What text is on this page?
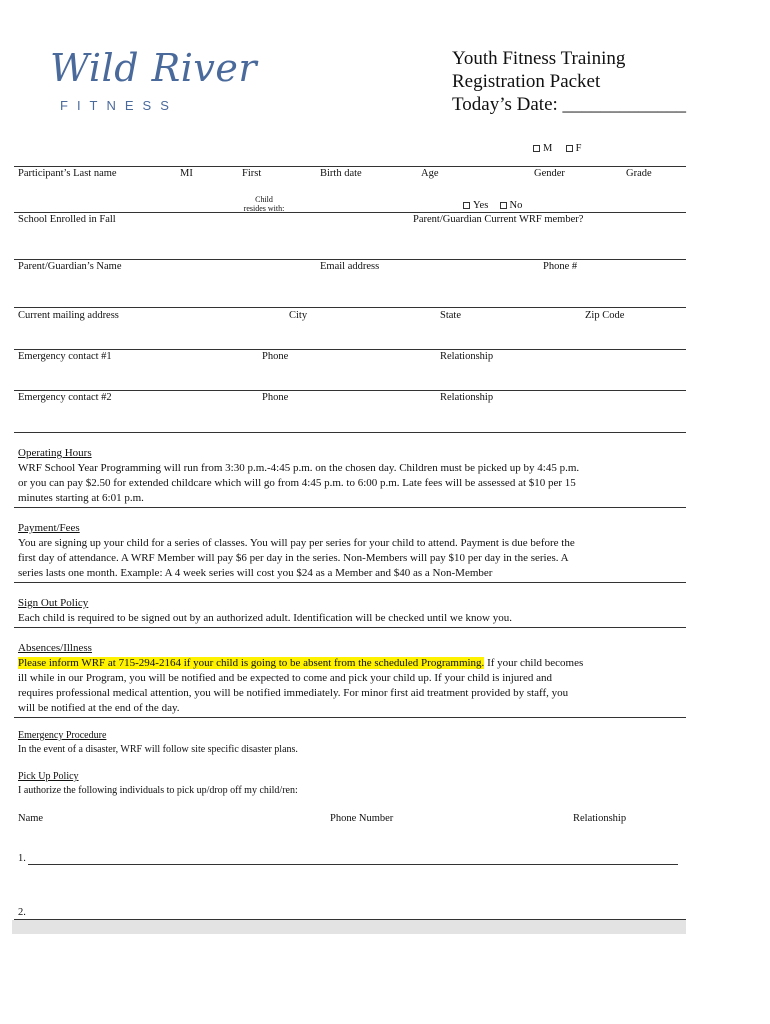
Wild River
FITNESS
Youth Fitness Training
Registration Packet
Today’s Date: _____________
M F
Participant’s Last name	MI	First	Birth date	Age	Gender	Grade
Child
resides with:	Yes No
School Enrolled in Fall	Parent/Guardian Current WRF member?
Parent/Guardian’s Name	Email address	Phone #
Current mailing address	City	State	Zip Code
Emergency contact #1	Phone	Relationship
Emergency contact #2	Phone	Relationship
Operating Hours
WRF School Year Programming will run from 3:30 p.m.-4:45 p.m. on the chosen day. Children must be picked up by 4:45 p.m.
or you can pay $2.50 for extended childcare which will go from 4:45 p.m. to 6:00 p.m. Late fees will be assessed at $10 per 15
minutes starting at 6:01 p.m.
Payment/Fees
You are signing up your child for a series of classes. You will pay per series for your child to attend. Payment is due before the
first day of attendance. A WRF Member will pay $6 per day in the series. Non-Members will pay $10 per day in the series. A
series lasts one month. Example: A 4 week series will cost you $24 as a Member and $40 as a Non-Member
Sign Out Policy
Each child is required to be signed out by an authorized adult. Identification will be checked until we know you.
Absences/Illness
Please inform WRF at 715-294-2164 if your child is going to be absent from the scheduled Programming. If your child becomes
ill while in our Program, you will be notified and be expected to come and pick your child up. If your child is injured and
requires professional medical attention, you will be notified immediately. For minor first aid treatment provided by staff, you
will be notified at the end of the day.
Emergency Procedure
In the event of a disaster, WRF will follow site specific disaster plans.
Pick Up Policy
I authorize the following individuals to pick up/drop off my child/ren:
Name	Phone Number	Relationship
1.
2.
